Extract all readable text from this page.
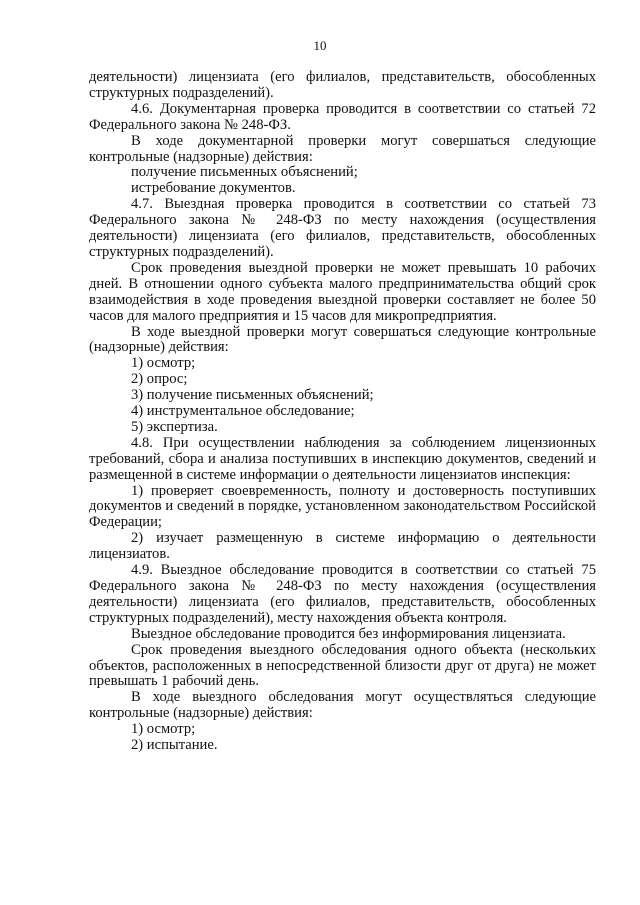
10

деятельности) лицензиата (его филиалов, представительств, обособленных структурных подразделений).

4.6. Документарная проверка проводится в соответствии со статьей 72 Федерального закона № 248-ФЗ.

В ходе документарной проверки могут совершаться следующие контрольные (надзорные) действия:

получение письменных объяснений;

истребование документов.

4.7. Выездная проверка проводится в соответствии со статьей 73 Федерального закона № 248-ФЗ по месту нахождения (осуществления деятельности) лицензиата (его филиалов, представительств, обособленных структурных подразделений).

Срок проведения выездной проверки не может превышать 10 рабочих дней. В отношении одного субъекта малого предпринимательства общий срок взаимодействия в ходе проведения выездной проверки составляет не более 50 часов для малого предприятия и 15 часов для микропредприятия.

В ходе выездной проверки могут совершаться следующие контрольные (надзорные) действия:

1) осмотр;

2) опрос;

3) получение письменных объяснений;

4) инструментальное обследование;

5) экспертиза.

4.8. При осуществлении наблюдения за соблюдением лицензионных требований, сбора и анализа поступивших в инспекцию документов, сведений и размещенной в системе информации о деятельности лицензиатов инспекция:

1) проверяет своевременность, полноту и достоверность поступивших документов и сведений в порядке, установленном законодательством Российской Федерации;

2) изучает размещенную в системе информацию о деятельности лицензиатов.

4.9. Выездное обследование проводится в соответствии со статьей 75 Федерального закона № 248-ФЗ по месту нахождения (осуществления деятельности) лицензиата (его филиалов, представительств, обособленных структурных подразделений), месту нахождения объекта контроля.

Выездное обследование проводится без информирования лицензиата.

Срок проведения выездного обследования одного объекта (нескольких объектов, расположенных в непосредственной близости друг от друга) не может превышать 1 рабочий день.

В ходе выездного обследования могут осуществляться следующие контрольные (надзорные) действия:

1) осмотр;

2) испытание.
